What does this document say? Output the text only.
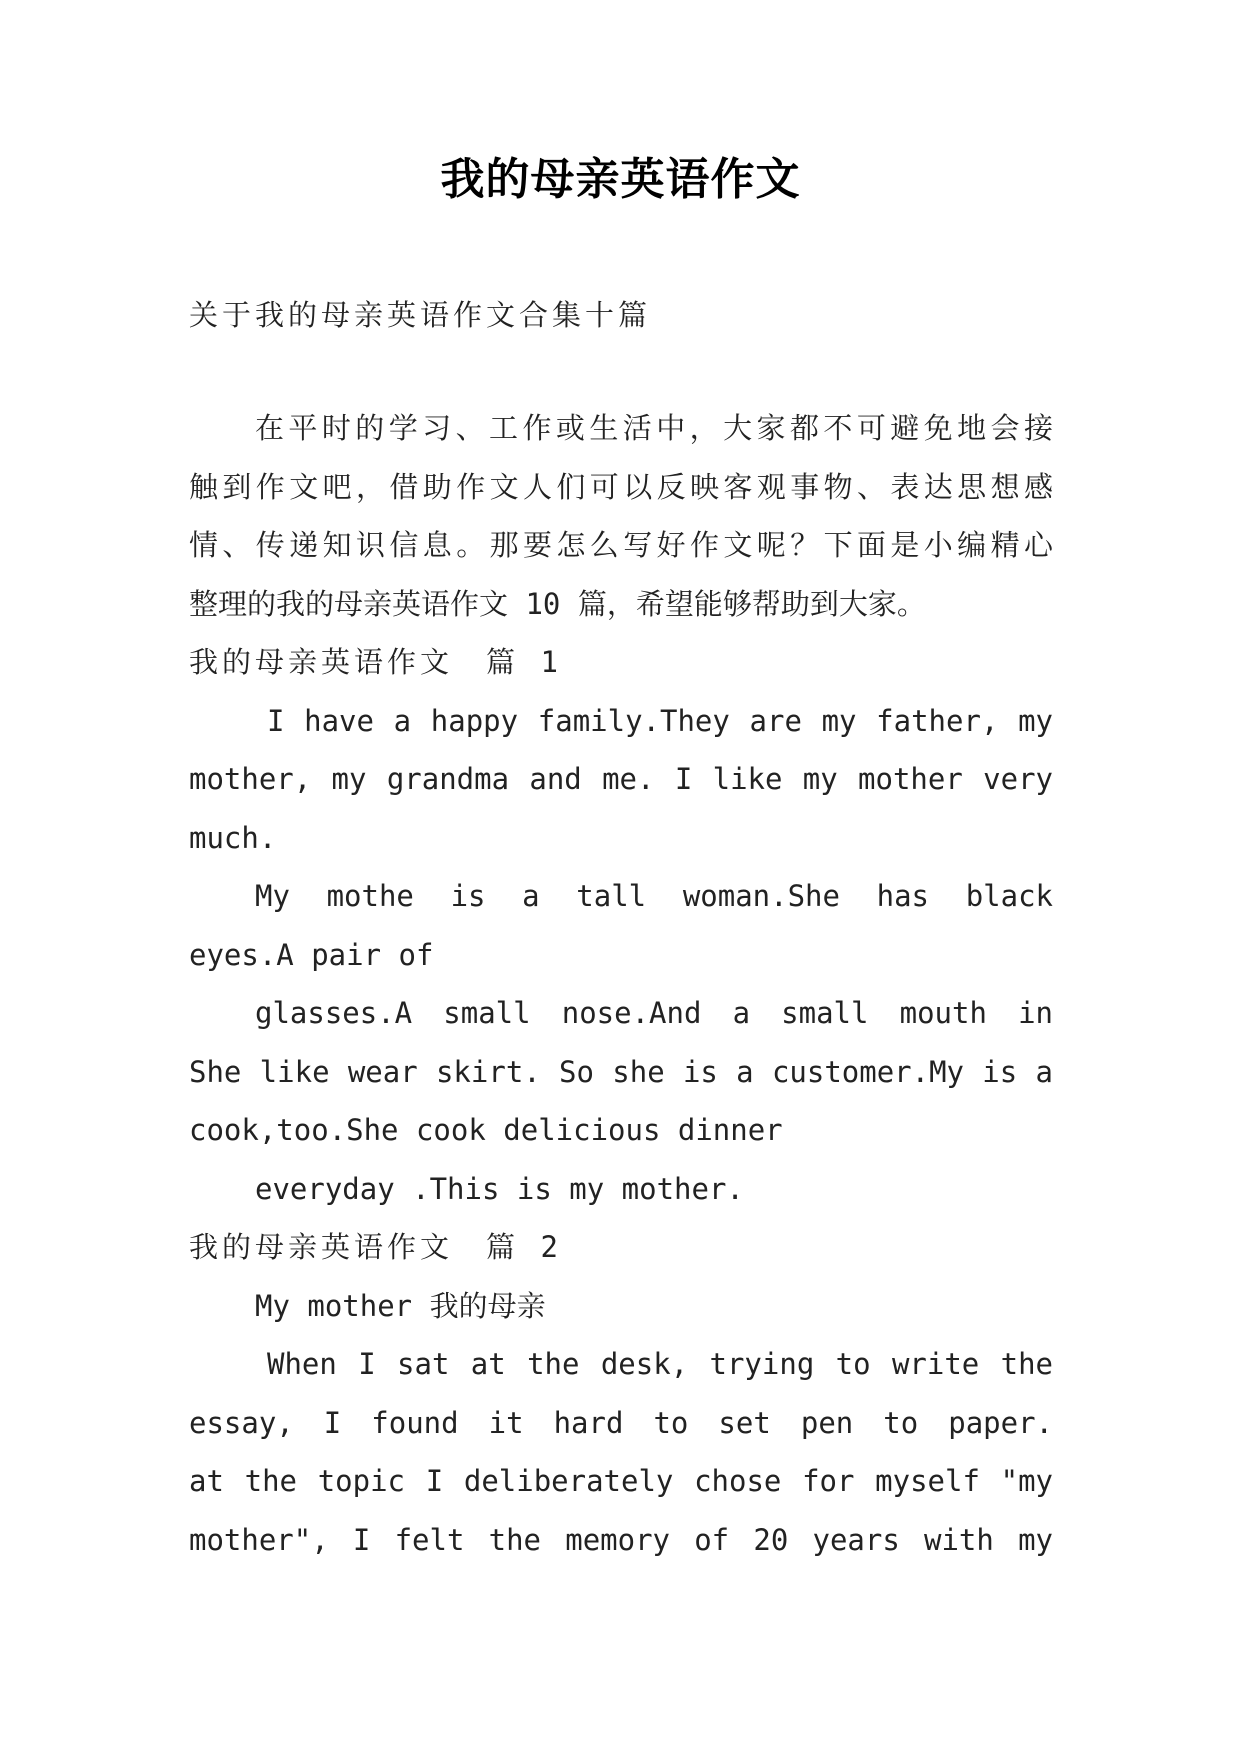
我的母亲英语作文
关于我的母亲英语作文合集十篇
在平时的学习、工作或生活中，大家都不可避免地会接
触到作文吧，借助作文人们可以反映客观事物、表达思想感
情、传递知识信息。那要怎么写好作文呢？下面是小编精心
整理的我的母亲英语作文 10 篇，希望能够帮助到大家。
我的母亲英语作文　篇 1
I have a happy family.They are my father, my
mother, my grandma and me. I like my mother very
much.
My mothe is a tall woman.She has black
eyes.A pair of
glasses.A small nose.And a small mouth in
She like wear skirt. So she is a customer.My is a
cook,too.She cook delicious dinner
everyday .This is my mother.
我的母亲英语作文　篇 2
My mother 我的母亲
When I sat at the desk, trying to write the
essay, I found it hard to set pen to paper.
at the topic I deliberately chose for myself "my
mother", I felt the memory of 20 years with my
